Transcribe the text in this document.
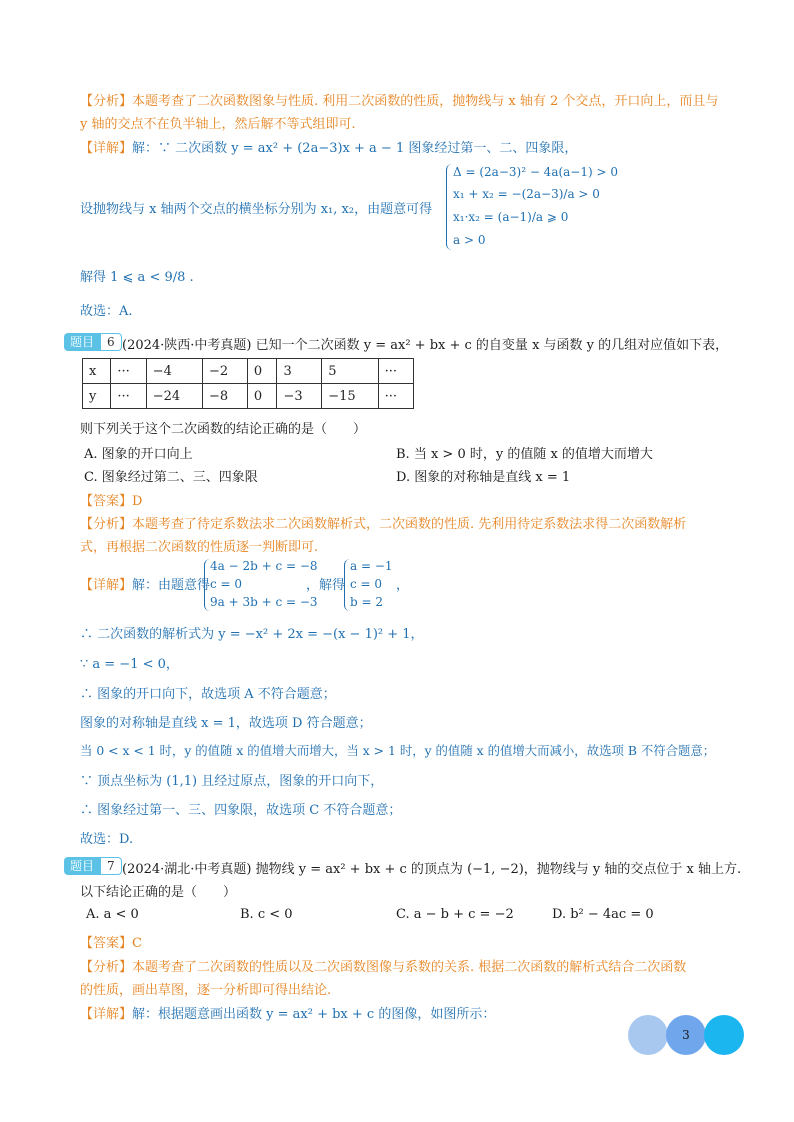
【分析】本题考查了二次函数图象与性质. 利用二次函数的性质，抛物线与 x 轴有 2 个交点，开口向上，而且与
y 轴的交点不在负半轴上，然后解不等式组即可.
【详解】解：∵ 二次函数 y = ax² + (2a−3)x + a − 1 图象经过第一、二、四象限，
设抛物线与 x 轴两个交点的横坐标分别为 x₁, x₂，由题意可得
Δ = (2a−3)² − 4a(a−1) > 0
x₁ + x₂ = −(2a−3)/a > 0
x₁·x₂ = (a−1)/a ⩾ 0
a > 0
解得 1 ⩽ a < 9/8 .
故选：A.
题目	6 (2024·陕西·中考真题) 已知一个二次函数 y = ax² + bx + c 的自变量 x 与函数 y 的几组对应值如下表，
x	···	−4	−2	0	3	5	···
y	···	−24	−8	0	−3	−15	···
则下列关于这个二次函数的结论正确的是（　　）
A. 图象的开口向上	B. 当 x > 0 时，y 的值随 x 的值增大而增大
C. 图象经过第二、三、四象限	D. 图象的对称轴是直线 x = 1
【答案】D
【分析】本题考查了待定系数法求二次函数解析式，二次函数的性质. 先利用待定系数法求得二次函数解析
式，再根据二次函数的性质逐一判断即可.
【详解】解：由题意得
4a − 2b + c = −8
c = 0
9a + 3b + c = −3
，解得
a = −1
c = 0
b = 2
，
∴ 二次函数的解析式为 y = −x² + 2x = −(x − 1)² + 1，
∵ a = −1 < 0，
∴ 图象的开口向下，故选项 A 不符合题意；
图象的对称轴是直线 x = 1，故选项 D 符合题意；
当 0 < x < 1 时，y 的值随 x 的值增大而增大，当 x > 1 时，y 的值随 x 的值增大而减小，故选项 B 不符合题意；
∵ 顶点坐标为 (1,1) 且经过原点，图象的开口向下，
∴ 图象经过第一、三、四象限，故选项 C 不符合题意；
故选：D.
题目	7 (2024·湖北·中考真题) 抛物线 y = ax² + bx + c 的顶点为 (−1, −2)，抛物线与 y 轴的交点位于 x 轴上方.
以下结论正确的是（　　）
A. a < 0	B. c < 0	C. a − b + c = −2	D. b² − 4ac = 0
【答案】C
【分析】本题考查了二次函数的性质以及二次函数图像与系数的关系. 根据二次函数的解析式结合二次函数
的性质，画出草图，逐一分析即可得出结论.
【详解】解：根据题意画出函数 y = ax² + bx + c 的图像，如图所示：
3
